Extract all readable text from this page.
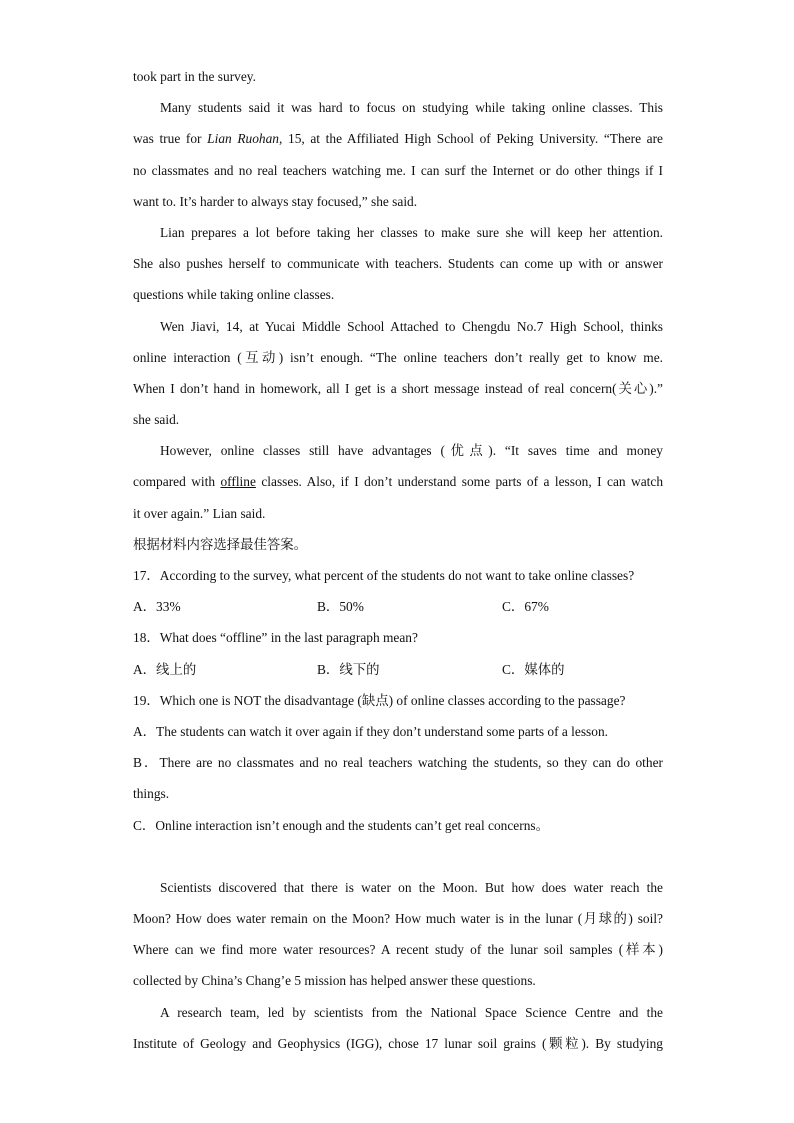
took part in the survey.
Many students said it was hard to focus on studying while taking online classes. This
was true for Lian Ruohan, 15, at the Affiliated High School of Peking University. “There are
no classmates and no real teachers watching me. I can surf the Internet or do other things if I
want to. It’s harder to always stay focused,” she said.
Lian prepares a lot before taking her classes to make sure she will keep her attention.
She also pushes herself to communicate with teachers. Students can come up with or answer
questions while taking online classes.
Wen Jiavi, 14, at Yucai Middle School Attached to Chengdu No.7 High School, thinks
online interaction (互动) isn’t enough. “The online teachers don’t really get to know me.
When I don’t hand in homework, all I get is a short message instead of real concern(关心).”
she said.
However, online classes still have advantages (优点). “It saves time and money
compared with offline classes. Also, if I don’t understand some parts of a lesson, I can watch
it over again.” Lian said.
根据材料内容选择最佳答案。
17．According to the survey, what percent of the students do not want to take online classes?
A．33%	B．50%	C．67%
18．What does “offline” in the last paragraph mean?
A．线上的	B．线下的	C．媒体的
19．Which one is NOT the disadvantage (缺点) of online classes according to the passage?
A．The students can watch it over again if they don’t understand some parts of a lesson.
B．There are no classmates and no real teachers watching the students, so they can do other
things.
C．Online interaction isn’t enough and the students can’t get real concerns。
Scientists discovered that there is water on the Moon. But how does water reach the
Moon? How does water remain on the Moon? How much water is in the lunar (月球的) soil?
Where can we find more water resources? A recent study of the lunar soil samples (样本)
collected by China’s Chang’e 5 mission has helped answer these questions.
A research team, led by scientists from the National Space Science Centre and the
Institute of Geology and Geophysics (IGG), chose 17 lunar soil grains (颗粒). By studying
